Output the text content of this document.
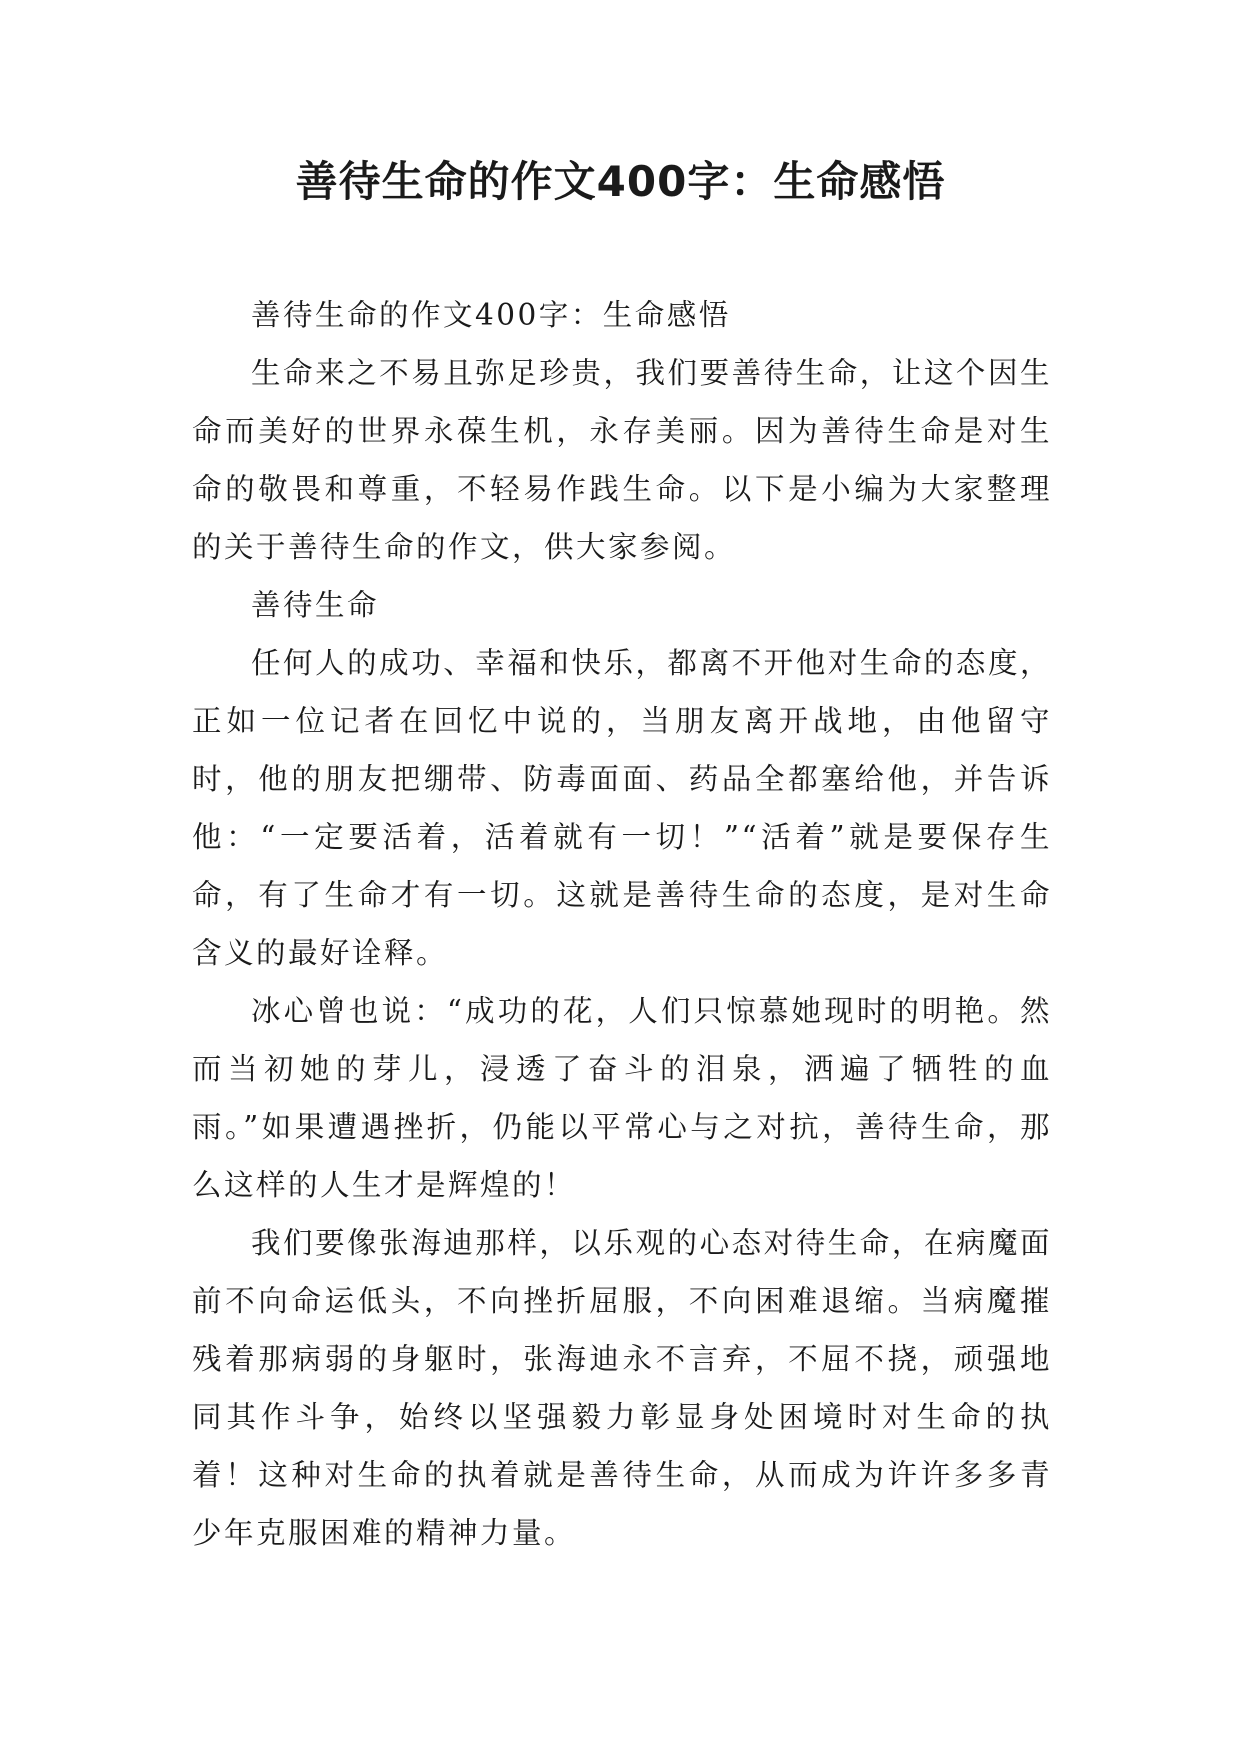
善待生命的作文400字：生命感悟

善待生命的作文400字：生命感悟

生命来之不易且弥足珍贵，我们要善待生命，让这个因生命而美好的世界永葆生机，永存美丽。因为善待生命是对生命的敬畏和尊重，不轻易作践生命。以下是小编为大家整理的关于善待生命的作文，供大家参阅。

善待生命

任何人的成功、幸福和快乐，都离不开他对生命的态度，正如一位记者在回忆中说的，当朋友离开战地，由他留守时，他的朋友把绷带、防毒面面、药品全都塞给他，并告诉他：“一定要活着，活着就有一切！”“活着”就是要保存生命，有了生命才有一切。这就是善待生命的态度，是对生命含义的最好诠释。

冰心曾也说：“成功的花，人们只惊慕她现时的明艳。然而当初她的芽儿，浸透了奋斗的泪泉，洒遍了牺牲的血雨。”如果遭遇挫折，仍能以平常心与之对抗，善待生命，那么这样的人生才是辉煌的！

我们要像张海迪那样，以乐观的心态对待生命，在病魔面前不向命运低头，不向挫折屈服，不向困难退缩。当病魔摧残着那病弱的身躯时，张海迪永不言弃，不屈不挠，顽强地同其作斗争，始终以坚强毅力彰显身处困境时对生命的执着！这种对生命的执着就是善待生命，从而成为许许多多青少年克服困难的精神力量。
